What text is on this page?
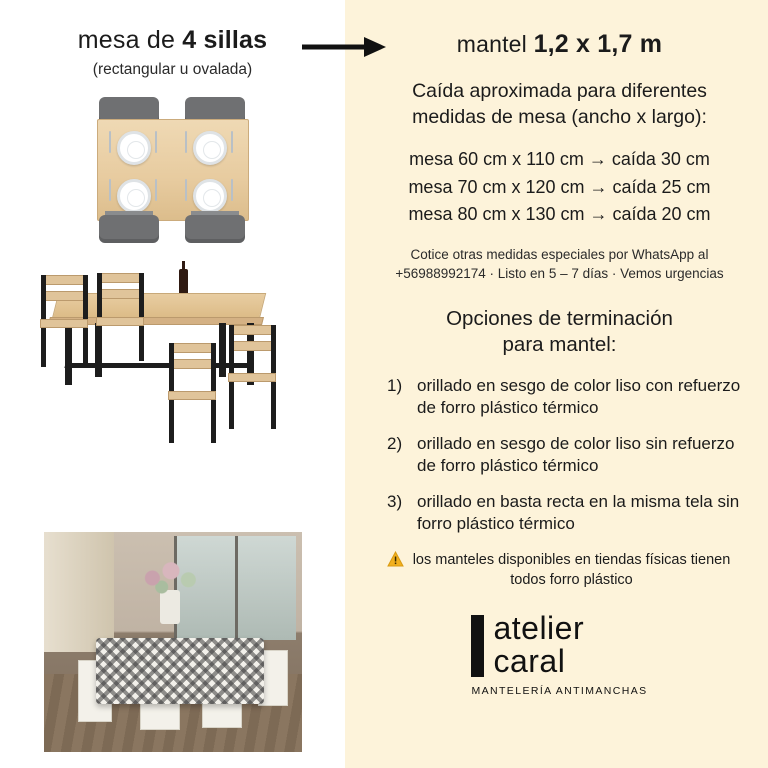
mesa de 4 sillas
(rectangular u ovalada)
mantel 1,2 x 1,7 m
Caída aproximada para diferentes medidas de mesa (ancho x largo):
mesa 60 cm x 110 cm → caída 30 cm
mesa 70 cm x 120 cm → caída 25 cm
mesa 80 cm x 130 cm → caída 20 cm
Cotice otras medidas especiales por WhatsApp al
+56988992174 · Listo en 5 – 7 días · Vemos urgencias
Opciones de terminación
para mantel:
1) orillado en sesgo de color liso con refuerzo de forro plástico térmico
2) orillado en sesgo de color liso sin refuerzo de forro plástico térmico
3) orillado en basta recta en la misma tela sin forro plástico térmico
los manteles disponibles en tiendas físicas tienen todos forro plástico
atelier
caral
MANTELERÍA ANTIMANCHAS
